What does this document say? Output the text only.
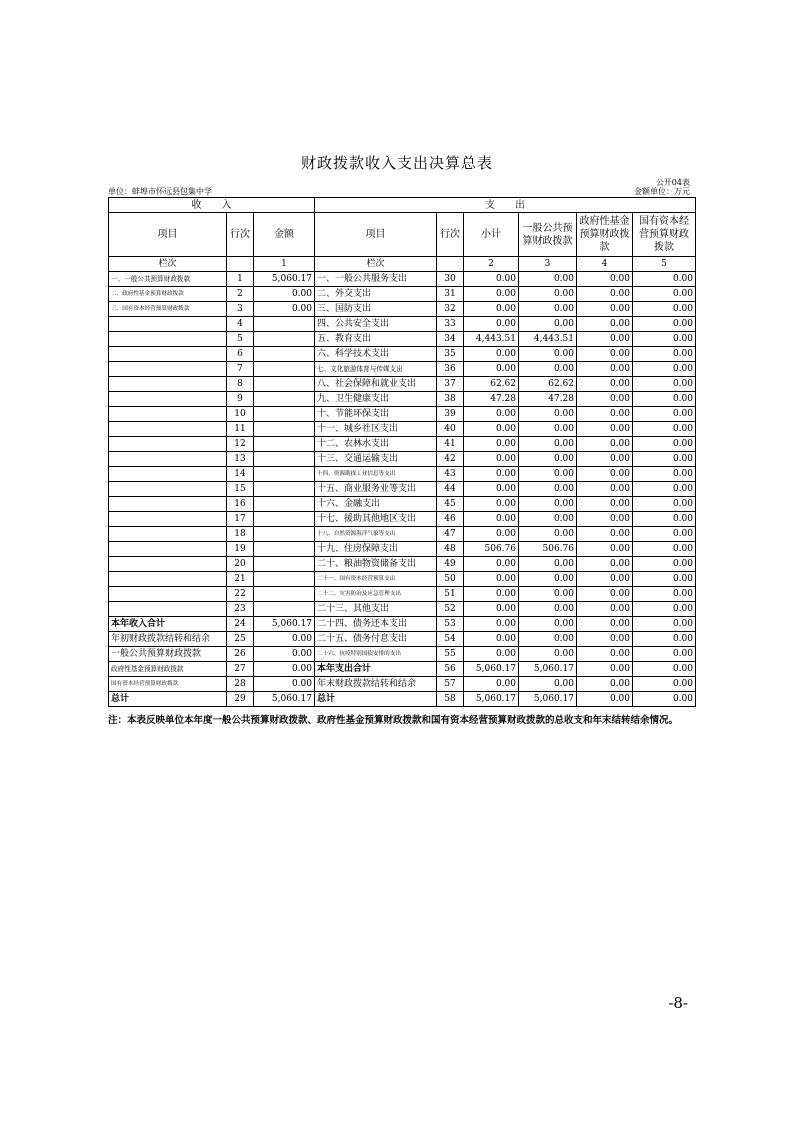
财政拨款收入支出决算总表
公开04表
单位：蚌埠市怀远县包集中学	金额单位：万元
收　　入			支　　出					
项目	行次	金额	项目	行次	小计	一般公共预算财政拨款	政府性基金预算财政拨款	国有资本经营预算财政拨款
栏次		1	栏次		2	3	4	5
一、一般公共预算财政拨款	1	5,060.17	一、一般公共服务支出	30	0.00	0.00	0.00	0.00
二、政府性基金预算财政拨款	2	0.00	二、外交支出	31	0.00	0.00	0.00	0.00
三、国有资本经营预算财政拨款	3	0.00	三、国防支出	32	0.00	0.00	0.00	0.00
	4		四、公共安全支出	33	0.00	0.00	0.00	0.00
	5		五、教育支出	34	4,443.51	4,443.51	0.00	0.00
	6		六、科学技术支出	35	0.00	0.00	0.00	0.00
	7		七、文化旅游体育与传媒支出	36	0.00	0.00	0.00	0.00
	8		八、社会保障和就业支出	37	62.62	62.62	0.00	0.00
	9		九、卫生健康支出	38	47.28	47.28	0.00	0.00
	10		十、节能环保支出	39	0.00	0.00	0.00	0.00
	11		十一、城乡社区支出	40	0.00	0.00	0.00	0.00
	12		十二、农林水支出	41	0.00	0.00	0.00	0.00
	13		十三、交通运输支出	42	0.00	0.00	0.00	0.00
	14		十四、资源勘探工业信息等支出	43	0.00	0.00	0.00	0.00
	15		十五、商业服务业等支出	44	0.00	0.00	0.00	0.00
	16		十六、金融支出	45	0.00	0.00	0.00	0.00
	17		十七、援助其他地区支出	46	0.00	0.00	0.00	0.00
	18		十八、自然资源海洋气象等支出	47	0.00	0.00	0.00	0.00
	19		十九、住房保障支出	48	506.76	506.76	0.00	0.00
	20		二十、粮油物资储备支出	49	0.00	0.00	0.00	0.00
	21		二十一、国有资本经营预算支出	50	0.00	0.00	0.00	0.00
	22		二十二、灾害防治及应急管理支出	51	0.00	0.00	0.00	0.00
	23		二十三、其他支出	52	0.00	0.00	0.00	0.00
本年收入合计	24	5,060.17	二十四、债务还本支出	53	0.00	0.00	0.00	0.00
年初财政拨款结转和结余	25	0.00	二十五、债务付息支出	54	0.00	0.00	0.00	0.00
一般公共预算财政拨款	26	0.00	二十六、抗疫特别国债安排的支出	55	0.00	0.00	0.00	0.00
政府性基金预算财政拨款	27	0.00	本年支出合计	56	5,060.17	5,060.17	0.00	0.00
国有资本经营预算财政拨款	28	0.00	年末财政拨款结转和结余	57	0.00	0.00	0.00	0.00
总计	29	5,060.17	总计	58	5,060.17	5,060.17	0.00	0.00
注：本表反映单位本年度一般公共预算财政拨款、政府性基金预算财政拨款和国有资本经营预算财政拨款的总收支和年末结转结余情况。
-8-
